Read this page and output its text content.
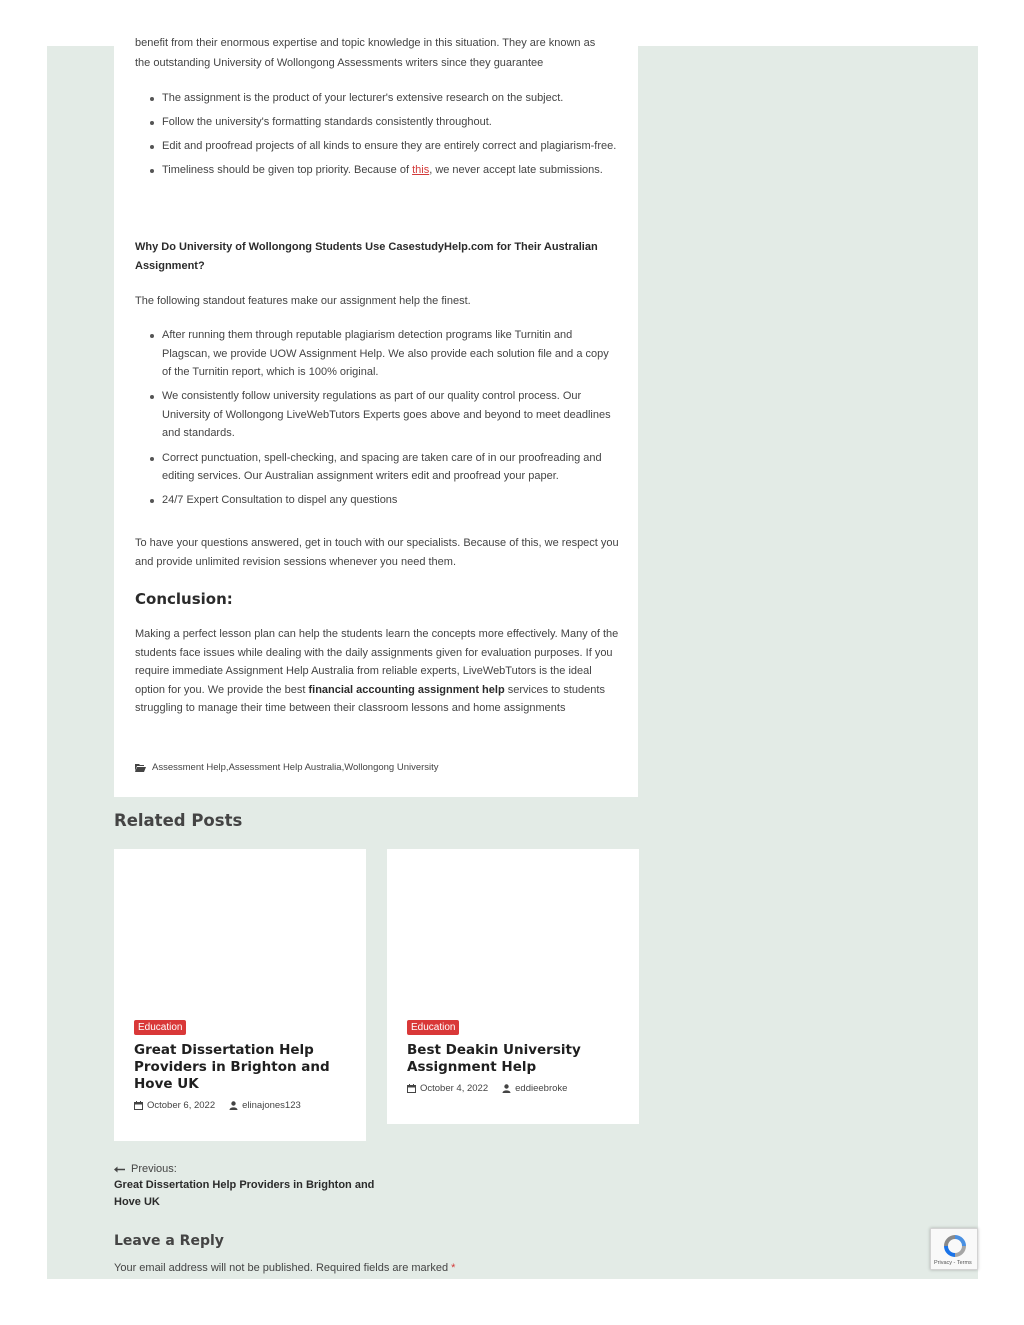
benefit from their enormous expertise and topic knowledge in this situation. They are known as

the outstanding University of Wollongong Assessments writers since they guarantee

The assignment is the product of your lecturer's extensive research on the subject.
Follow the university's formatting standards consistently throughout.
Edit and proofread projects of all kinds to ensure they are entirely correct and plagiarism-free.
Timeliness should be given top priority. Because of this, we never accept late submissions.

Why Do University of Wollongong Students Use CasestudyHelp.com for Their Australian Assignment?

The following standout features make our assignment help the finest.

After running them through reputable plagiarism detection programs like Turnitin and Plagscan, we provide UOW Assignment Help. We also provide each solution file and a copy of the Turnitin report, which is 100% original.
We consistently follow university regulations as part of our quality control process. Our University of Wollongong LiveWebTutors Experts goes above and beyond to meet deadlines and standards.
Correct punctuation, spell-checking, and spacing are taken care of in our proofreading and editing services. Our Australian assignment writers edit and proofread your paper.
24/7 Expert Consultation to dispel any questions

To have your questions answered, get in touch with our specialists. Because of this, we respect you and provide unlimited revision sessions whenever you need them.

Conclusion:

Making a perfect lesson plan can help the students learn the concepts more effectively. Many of the students face issues while dealing with the daily assignments given for evaluation purposes. If you require immediate Assignment Help Australia from reliable experts, LiveWebTutors is the ideal option for you. We provide the best financial accounting assignment help services to students struggling to manage their time between their classroom lessons and home assignments

Assessment Help , Assessment Help Australia , Wollongong University
Related Posts
Education
Great Dissertation Help Providers in Brighton and Hove UK
October 6, 2022	elinajones123
Education
Best Deakin University Assignment Help
October 4, 2022	eddieebroke
Previous:
Great Dissertation Help Providers in Brighton and Hove UK
Leave a Reply

Your email address will not be published. Required fields are marked *	Privacy - Terms
